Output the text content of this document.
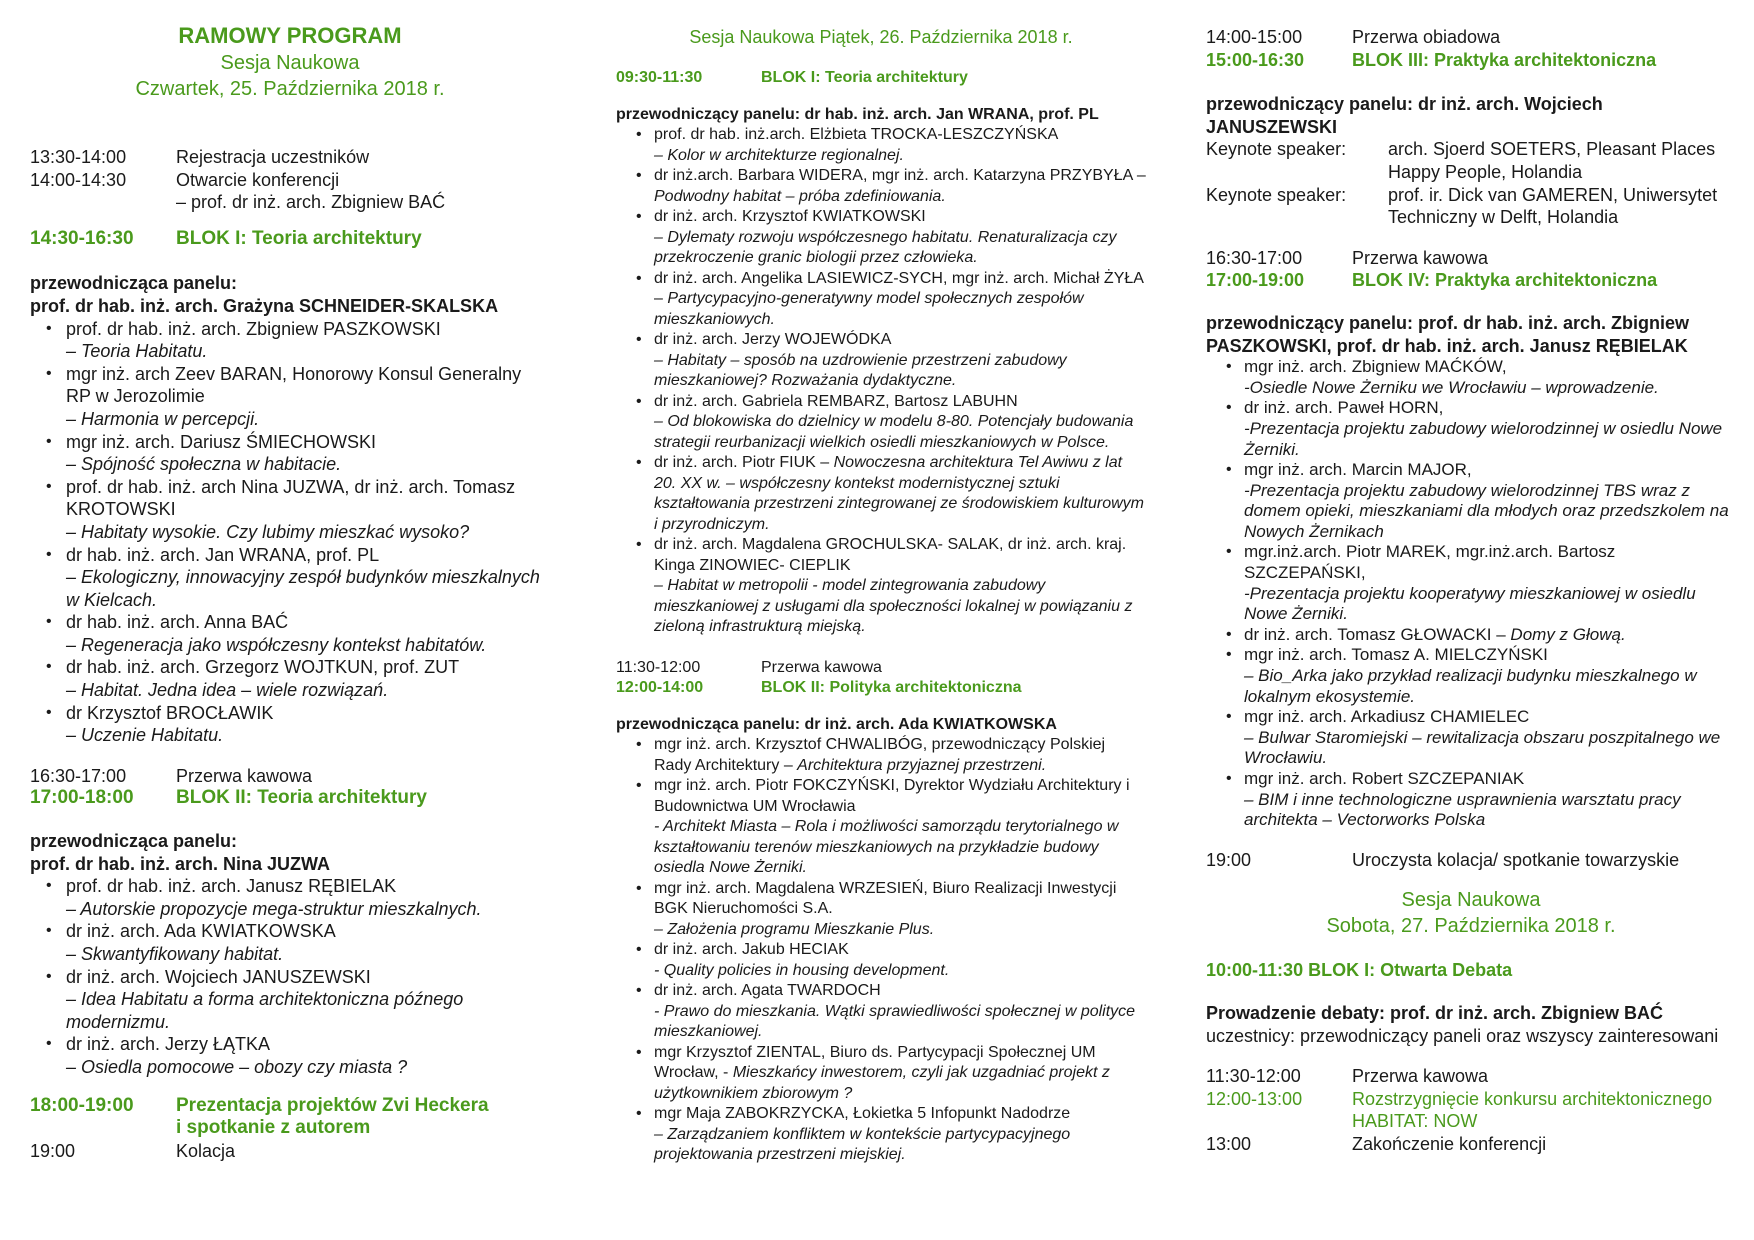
RAMOWY PROGRAM
Sesja Naukowa
Czwartek, 25. Października 2018 r.
13:30-14:00	Rejestracja uczestników
14:00-14:30	Otwarcie konferencji
– prof. dr inż. arch. Zbigniew BAĆ
14:30-16:30	BLOK I: Teoria architektury
przewodnicząca panelu:
prof. dr hab. inż. arch. Grażyna SCHNEIDER-SKALSKA
• prof. dr hab. inż. arch. Zbigniew PASZKOWSKI
– Teoria Habitatu.
• mgr inż. arch Zeev BARAN, Honorowy Konsul Generalny RP w Jerozolimie
– Harmonia w percepcji.
• mgr inż. arch. Dariusz ŚMIECHOWSKI
– Spójność społeczna w habitacie.
• prof. dr hab. inż. arch Nina JUZWA, dr inż. arch. Tomasz KROTOWSKI
– Habitaty wysokie. Czy lubimy mieszkać wysoko?
• dr hab. inż. arch. Jan WRANA, prof. PL
– Ekologiczny, innowacyjny zespół budynków mieszkalnych w Kielcach.
• dr hab. inż. arch. Anna BAĆ
– Regeneracja jako współczesny kontekst habitatów.
• dr hab. inż. arch. Grzegorz WOJTKUN, prof. ZUT
– Habitat. Jedna idea – wiele rozwiązań.
• dr Krzysztof BROCŁAWIK
– Uczenie Habitatu.
16:30-17:00	Przerwa kawowa
17:00-18:00	BLOK II: Teoria architektury
przewodnicząca panelu:
prof. dr hab. inż. arch. Nina JUZWA
• prof. dr hab. inż. arch. Janusz RĘBIELAK
– Autorskie propozycje mega-struktur mieszkalnych.
• dr inż. arch. Ada KWIATKOWSKA
– Skwantyfikowany habitat.
• dr inż. arch. Wojciech JANUSZEWSKI
– Idea Habitatu a forma architektoniczna późnego modernizmu.
• dr inż. arch. Jerzy ŁĄTKA
– Osiedla pomocowe – obozy czy miasta ?
18:00-19:00	Prezentacja projektów Zvi Heckera
i spotkanie z autorem
19:00	Kolacja
Sesja Naukowa Piątek, 26. Października 2018 r.
09:30-11:30	BLOK I: Teoria architektury
przewodniczący panelu: dr hab. inż. arch. Jan WRANA, prof. PL
• prof. dr hab. inż.arch. Elżbieta TROCKA-LESZCZYŃSKA
– Kolor w architekturze regionalnej.
• dr inż.arch. Barbara WIDERA, mgr inż. arch. Katarzyna PRZYBYŁA – Podwodny habitat – próba zdefiniowania.
• dr inż. arch. Krzysztof KWIATKOWSKI
– Dylematy rozwoju współczesnego habitatu. Renaturalizacja czy przekroczenie granic biologii przez człowieka.
• dr inż. arch. Angelika LASIEWICZ-SYCH, mgr inż. arch. Michał ŻYŁA – Partycypacyjno-generatywny model społecznych zespołów mieszkaniowych.
• dr inż. arch. Jerzy WOJEWÓDKA
– Habitaty – sposób na uzdrowienie przestrzeni zabudowy mieszkaniowej? Rozważania dydaktyczne.
• dr inż. arch. Gabriela REMBARZ, Bartosz LABUHN
– Od blokowiska do dzielnicy w modelu 8-80. Potencjały budowania strategii reurbanizacji wielkich osiedli mieszkaniowych w Polsce.
• dr inż. arch. Piotr FIUK – Nowoczesna architektura Tel Awiwu z lat 20. XX w. – współczesny kontekst modernistycznej sztuki kształtowania przestrzeni zintegrowanej ze środowiskiem kulturowym i przyrodniczym.
• dr inż. arch. Magdalena GROCHULSKA- SALAK, dr inż. arch. kraj. Kinga ZINOWIEC- CIEPLIK
– Habitat w metropolii - model zintegrowania zabudowy mieszkaniowej z usługami dla społeczności lokalnej w powiązaniu z zieloną infrastrukturą miejską.
11:30-12:00	Przerwa kawowa
12:00-14:00	BLOK II: Polityka architektoniczna
przewodnicząca panelu: dr inż. arch. Ada KWIATKOWSKA
• mgr inż. arch. Krzysztof CHWALIBÓG, przewodniczący Polskiej Rady Architektury – Architektura przyjaznej przestrzeni.
• mgr inż. arch. Piotr FOKCZYŃSKI, Dyrektor Wydziału Architektury i Budownictwa UM Wrocławia
- Architekt Miasta – Rola i możliwości samorządu terytorialnego w kształtowaniu terenów mieszkaniowych na przykładzie budowy osiedla Nowe Żerniki.
• mgr inż. arch. Magdalena WRZESIEŃ, Biuro Realizacji Inwestycji BGK Nieruchomości S.A.
– Założenia programu Mieszkanie Plus.
• dr inż. arch. Jakub HECIAK
- Quality policies in housing development.
• dr inż. arch. Agata TWARDOCH
- Prawo do mieszkania. Wątki sprawiedliwości społecznej w polityce mieszkaniowej.
• mgr Krzysztof ZIENTAL, Biuro ds. Partycypacji Społecznej UM Wrocław, - Mieszkańcy inwestorem, czyli jak uzgadniać projekt z użytkownikiem zbiorowym ?
• mgr Maja ZABOKRZYCKA, Łokietka 5 Infopunkt Nadodrze
– Zarządzaniem konfliktem w kontekście partycypacyjnego projektowania przestrzeni miejskiej.
14:00-15:00	Przerwa obiadowa
15:00-16:30	BLOK III: Praktyka architektoniczna
przewodniczący panelu: dr inż. arch. Wojciech JANUSZEWSKI
Keynote speaker:	arch. Sjoerd SOETERS, Pleasant Places Happy People, Holandia
Keynote speaker:	prof. ir. Dick van GAMEREN, Uniwersytet Techniczny w Delft, Holandia
16:30-17:00	Przerwa kawowa
17:00-19:00	BLOK IV: Praktyka architektoniczna
przewodniczący panelu: prof. dr hab. inż. arch. Zbigniew PASZKOWSKI, prof. dr hab. inż. arch. Janusz RĘBIELAK
• mgr inż. arch. Zbigniew MAĆKÓW,
-Osiedle Nowe Żerniku we Wrocławiu – wprowadzenie.
• dr inż. arch. Paweł HORN,
-Prezentacja projektu zabudowy wielorodzinnej w osiedlu Nowe Żerniki.
• mgr inż. arch. Marcin MAJOR,
-Prezentacja projektu zabudowy wielorodzinnej TBS wraz z domem opieki, mieszkaniami dla młodych oraz przedszkolem na Nowych Żernikach
• mgr.inż.arch. Piotr MAREK, mgr.inż.arch. Bartosz SZCZEPAŃSKI,
-Prezentacja projektu kooperatywy mieszkaniowej w osiedlu Nowe Żerniki.
• dr inż. arch. Tomasz GŁOWACKI – Domy z Głową.
• mgr inż. arch. Tomasz A. MIELCZYŃSKI
– Bio_Arka jako przykład realizacji budynku mieszkalnego w lokalnym ekosystemie.
• mgr inż. arch. Arkadiusz CHAMIELEC
– Bulwar Staromiejski – rewitalizacja obszaru poszpitalnego we Wrocławiu.
• mgr inż. arch. Robert SZCZEPANIAK
– BIM i inne technologiczne usprawnienia warsztatu pracy architekta – Vectorworks Polska
19:00	Uroczysta kolacja/ spotkanie towarzyskie
Sesja Naukowa
Sobota, 27. Października 2018 r.
10:00-11:30 BLOK I: Otwarta Debata
Prowadzenie debaty: prof. dr inż. arch. Zbigniew BAĆ
uczestnicy: przewodniczący paneli oraz wszyscy zainteresowani
11:30-12:00	Przerwa kawowa
12:00-13:00	Rozstrzygnięcie konkursu architektonicznego
HABITAT: NOW
13:00	Zakończenie konferencji
